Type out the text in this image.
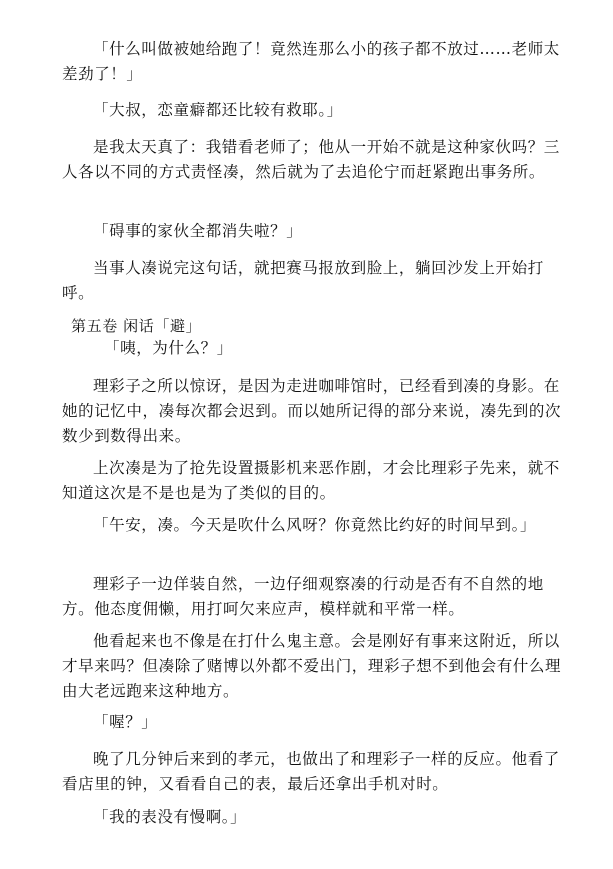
「什么叫做被她给跑了！竟然连那么小的孩子都不放过……老师太差劲了！」

「大叔，恋童癖都还比较有救耶。」

是我太天真了：我错看老师了；他从一开始不就是这种家伙吗？三人各以不同的方式责怪凑，然后就为了去追伦宁而赶紧跑出事务所。

「碍事的家伙全都消失啦？」

当事人凑说完这句话，就把赛马报放到脸上，躺回沙发上开始打呼。

第五卷 闲话「避」

「咦，为什么？」

理彩子之所以惊讶，是因为走进咖啡馆时，已经看到凑的身影。在她的记忆中，凑每次都会迟到。而以她所记得的部分来说，凑先到的次数少到数得出来。

上次凑是为了抢先设置摄影机来恶作剧，才会比理彩子先来，就不知道这次是不是也是为了类似的目的。

「午安，凑。今天是吹什么风呀？你竟然比约好的时间早到。」

理彩子一边佯装自然，一边仔细观察凑的行动是否有不自然的地方。他态度佣懒，用打呵欠来应声，模样就和平常一样。

他看起来也不像是在打什么鬼主意。会是刚好有事来这附近，所以才早来吗？但凑除了赌博以外都不爱出门，理彩子想不到他会有什么理由大老远跑来这种地方。

「喔？」

晚了几分钟后来到的孝元，也做出了和理彩子一样的反应。他看了看店里的钟，又看看自己的表，最后还拿出手机对时。

「我的表没有慢啊。」
